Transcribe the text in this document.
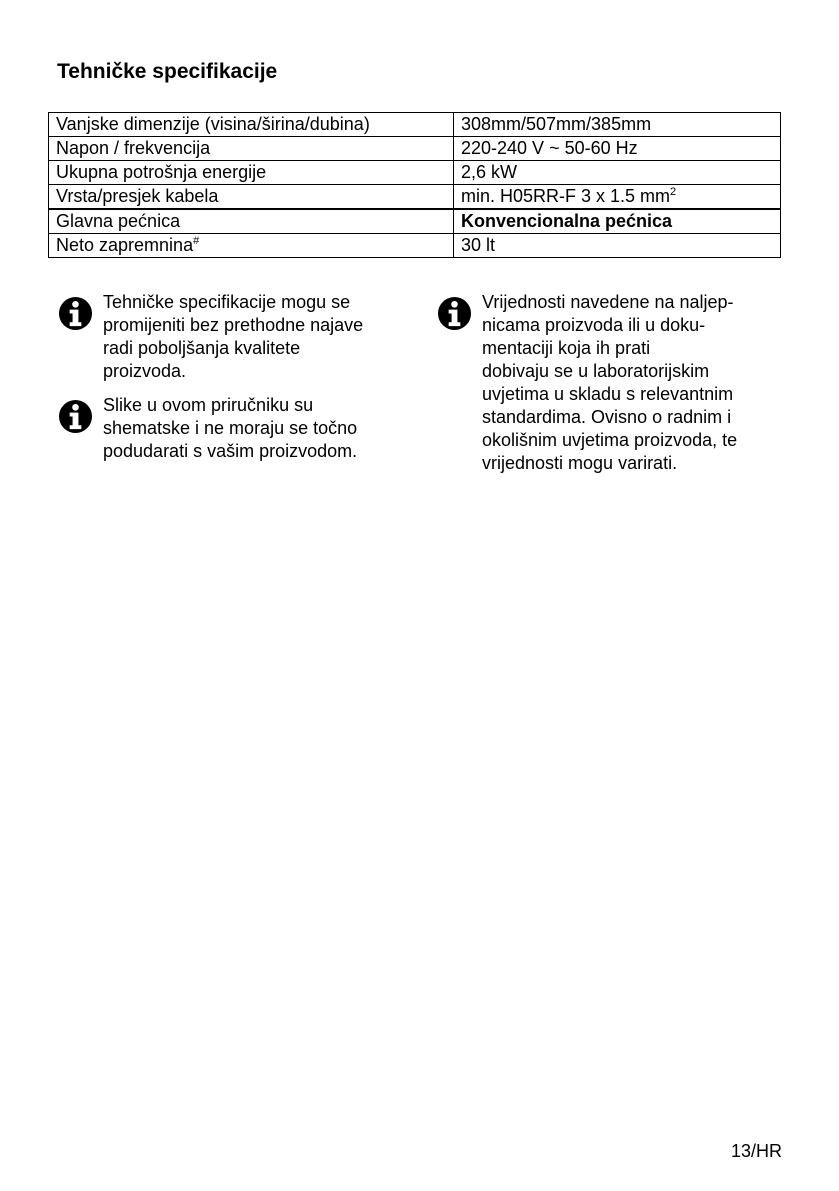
Tehničke specifikacije
Vanjske dimenzije (visina/širina/dubina)	308mm/507mm/385mm
Napon / frekvencija	220-240 V ~ 50-60 Hz
Ukupna potrošnja energije	2,6 kW
Vrsta/presjek kabela	min. H05RR-F 3 x 1.5 $mm^2$
Glavna pećnica	Konvencionalna pećnica
Neto zapremnina#	30 lt
Tehničke specifikacije mogu se
promijeniti bez prethodne najave
radi poboljšanja kvalitete
proizvoda.
Slike u ovom priručniku su
shematske i ne moraju se točno
podudarati s vašim proizvodom.
Vrijednosti navedene na naljep-
nicama proizvoda ili u doku-
mentaciji koja ih prati
dobivaju se u laboratorijskim
uvjetima u skladu s relevantnim
standardima. Ovisno o radnim i
okolišnim uvjetima proizvoda, te
vrijednosti mogu varirati.
13/HR
